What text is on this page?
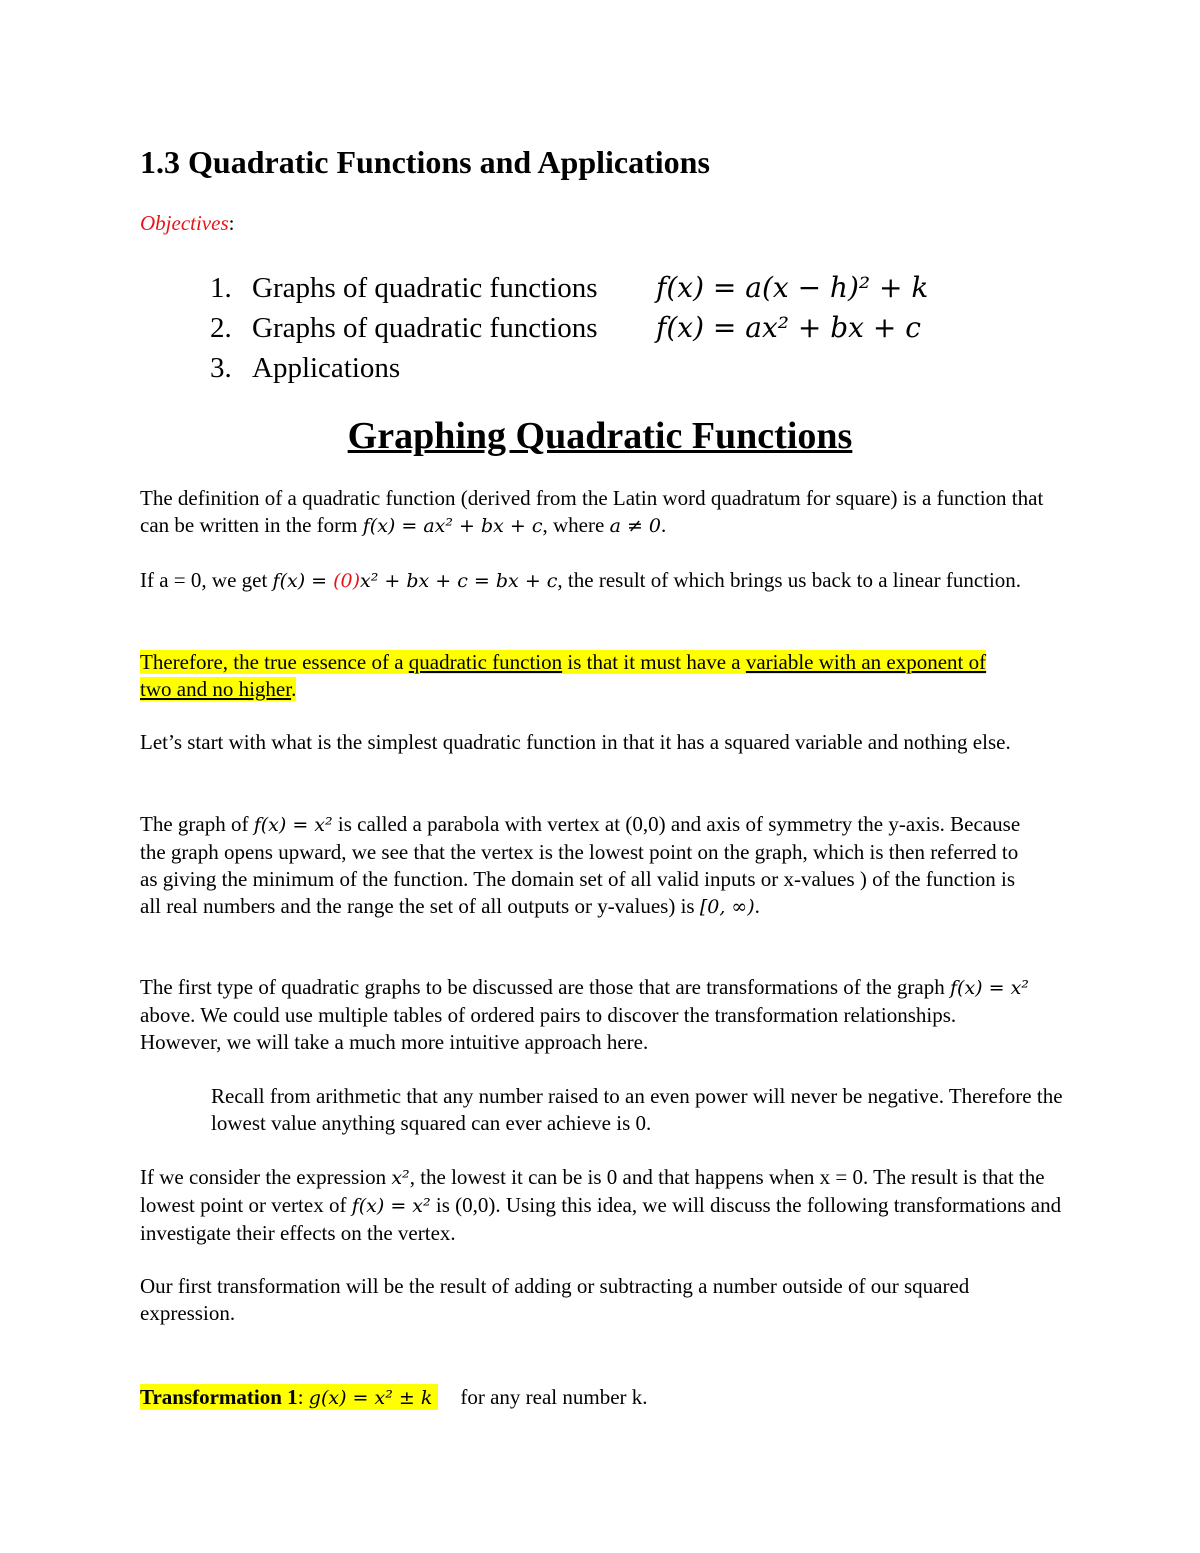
1.3 Quadratic Functions and Applications
Objectives:
1. Graphs of quadratic functions f(x) = a(x − h)² + k
2. Graphs of quadratic functions f(x) = ax² + bx + c
3. Applications
Graphing Quadratic Functions
The definition of a quadratic function (derived from the Latin word quadratum for square) is a function that can be written in the form f(x) = ax² + bx + c, where a ≠ 0.
If a = 0, we get f(x) = (0)x² + bx + c = bx + c, the result of which brings us back to a linear function.
Therefore, the true essence of a quadratic function is that it must have a variable with an exponent of two and no higher.
Let’s start with what is the simplest quadratic function in that it has a squared variable and nothing else.
The graph of f(x) = x² is called a parabola with vertex at (0,0) and axis of symmetry the y-axis. Because the graph opens upward, we see that the vertex is the lowest point on the graph, which is then referred to as giving the minimum of the function. The domain set of all valid inputs or x-values ) of the function is all real numbers and the range the set of all outputs or y-values) is [0, ∞).
The first type of quadratic graphs to be discussed are those that are transformations of the graph f(x) = x² above. We could use multiple tables of ordered pairs to discover the transformation relationships. However, we will take a much more intuitive approach here.
Recall from arithmetic that any number raised to an even power will never be negative. Therefore the lowest value anything squared can ever achieve is 0.
If we consider the expression x², the lowest it can be is 0 and that happens when x = 0. The result is that the lowest point or vertex of f(x) = x² is (0,0). Using this idea, we will discuss the following transformations and investigate their effects on the vertex.
Our first transformation will be the result of adding or subtracting a number outside of our squared expression.
Transformation 1: g(x) = x² ± k for any real number k.
